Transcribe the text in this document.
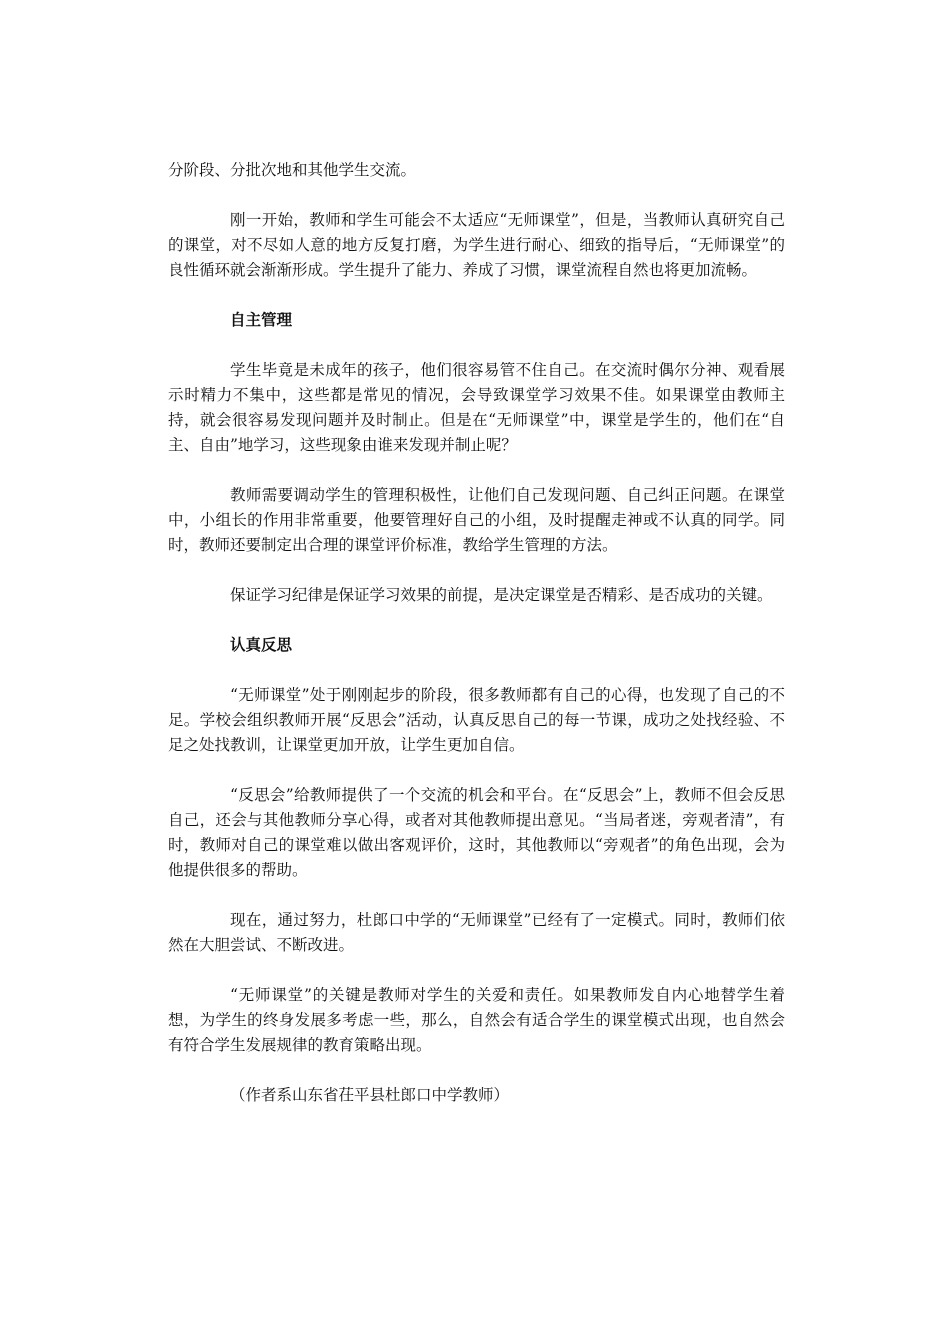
分阶段、分批次地和其他学生交流。

刚一开始，教师和学生可能会不太适应“无师课堂”，但是，当教师认真研究自己的课堂，对不尽如人意的地方反复打磨，为学生进行耐心、细致的指导后，“无师课堂”的良性循环就会渐渐形成。学生提升了能力、养成了习惯，课堂流程自然也将更加流畅。

自主管理

学生毕竟是未成年的孩子，他们很容易管不住自己。在交流时偶尔分神、观看展示时精力不集中，这些都是常见的情况，会导致课堂学习效果不佳。如果课堂由教师主持，就会很容易发现问题并及时制止。但是在“无师课堂”中，课堂是学生的，他们在“自主、自由”地学习，这些现象由谁来发现并制止呢？

教师需要调动学生的管理积极性，让他们自己发现问题、自己纠正问题。在课堂中，小组长的作用非常重要，他要管理好自己的小组，及时提醒走神或不认真的同学。同时，教师还要制定出合理的课堂评价标准，教给学生管理的方法。

保证学习纪律是保证学习效果的前提，是决定课堂是否精彩、是否成功的关键。

认真反思

“无师课堂”处于刚刚起步的阶段，很多教师都有自己的心得，也发现了自己的不足。学校会组织教师开展“反思会”活动，认真反思自己的每一节课，成功之处找经验、不足之处找教训，让课堂更加开放，让学生更加自信。

“反思会”给教师提供了一个交流的机会和平台。在“反思会”上，教师不但会反思自己，还会与其他教师分享心得，或者对其他教师提出意见。“当局者迷，旁观者清”，有时，教师对自己的课堂难以做出客观评价，这时，其他教师以“旁观者”的角色出现，会为他提供很多的帮助。

现在，通过努力，杜郎口中学的“无师课堂”已经有了一定模式。同时，教师们依然在大胆尝试、不断改进。

“无师课堂”的关键是教师对学生的关爱和责任。如果教师发自内心地替学生着想，为学生的终身发展多考虑一些，那么，自然会有适合学生的课堂模式出现，也自然会有符合学生发展规律的教育策略出现。

（作者系山东省茌平县杜郎口中学教师）
